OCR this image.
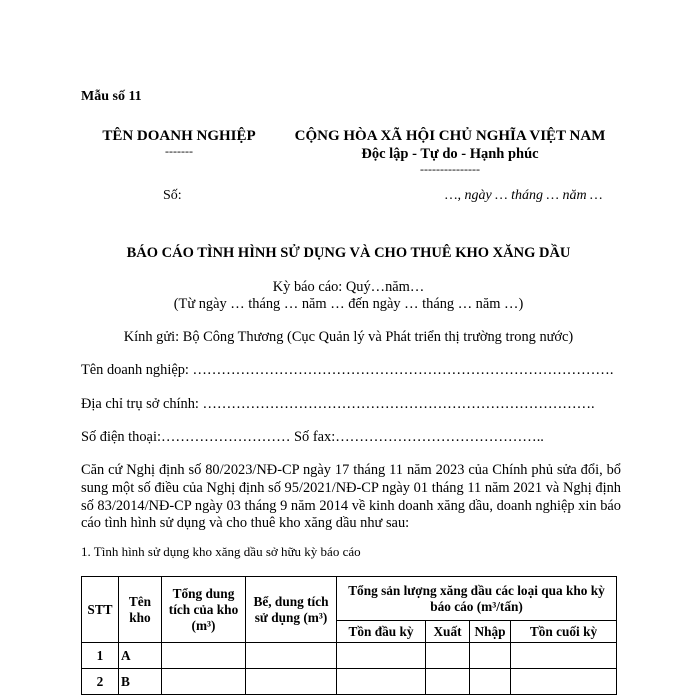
Mẫu số 11
TÊN DOANH NGHIỆP
-------
CỘNG HÒA XÃ HỘI CHỦ NGHĨA VIỆT NAM
Độc lập - Tự do - Hạnh phúc
---------------
Số:	…, ngày … tháng … năm …
BÁO CÁO TÌNH HÌNH SỬ DỤNG VÀ CHO THUÊ KHO XĂNG DẦU
Kỳ báo cáo: Quý…năm…
(Từ ngày … tháng … năm … đến ngày … tháng … năm …)
Kính gửi: Bộ Công Thương (Cục Quản lý và Phát triển thị trường trong nước)
Tên doanh nghiệp: …………………………………………………………………………….
Địa chỉ trụ sở chính: ……………………………………………………………………….
Số điện thoại:……………………… Số fax:……………………………………..

Căn cứ Nghị định số 80/2023/NĐ-CP ngày 17 tháng 11 năm 2023 của Chính phủ sửa đổi, bổ sung một số điều của Nghị định số 95/2021/NĐ-CP ngày 01 tháng 11 năm 2021 và Nghị định số 83/2014/NĐ-CP ngày 03 tháng 9 năm 2014 về kinh doanh xăng dầu, doanh nghiệp xin báo cáo tình hình sử dụng và cho thuê kho xăng dầu như sau:

1. Tình hình sử dụng kho xăng dầu sở hữu kỳ báo cáo
STT	Tên kho	Tổng dung tích của kho (m³)	Bể, dung tích sử dụng (m³)	Tổng sản lượng xăng dầu các loại qua kho kỳ báo cáo (m³/tấn)			
				Tồn đầu kỳ	Xuất	Nhập	Tồn cuối kỳ
1	A						
2	B						
